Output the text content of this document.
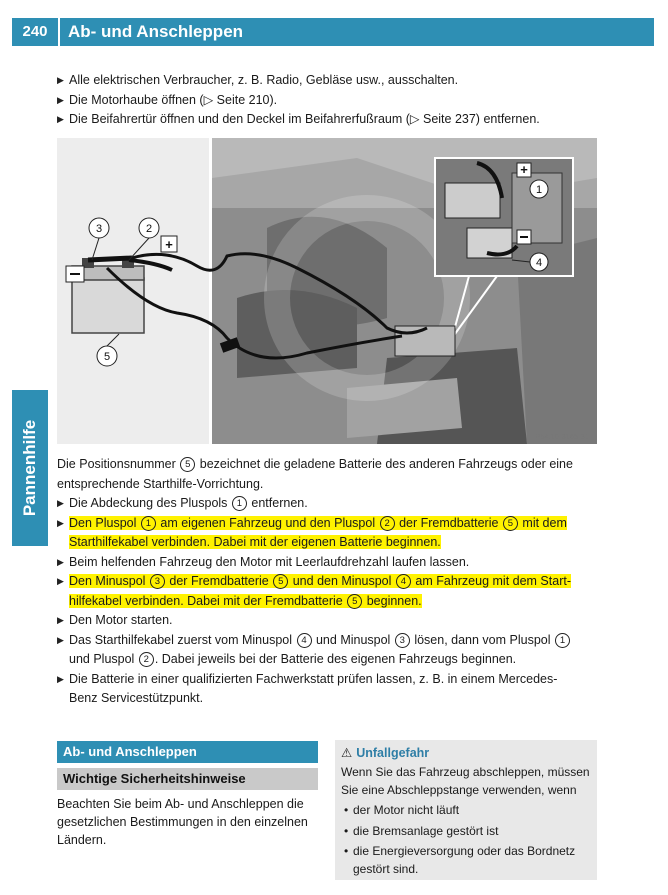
240	Ab- und Anschleppen
Pannenhilfe
▶ Alle elektrischen Verbraucher, z. B. Radio, Gebläse usw., ausschalten.
▶ Die Motorhaube öffnen (▷ Seite 210).
▶ Die Beifahrertür öffnen und den Deckel im Beifahrerfußraum (▷ Seite 237) entfernen.
+
1
4
+
3	2
5
P54.10-3165-31
Die Positionsnummer 5 bezeichnet die geladene Batterie des anderen Fahrzeugs oder eine
entsprechende Starthilfe-Vorrichtung.
▶ Die Abdeckung des Pluspols 1 entfernen.
▶ Den Pluspol 1 am eigenen Fahrzeug und den Pluspol 2 der Fremdbatterie 5 mit dem
Starthilfekabel verbinden. Dabei mit der eigenen Batterie beginnen.
▶ Beim helfenden Fahrzeug den Motor mit Leerlaufdrehzahl laufen lassen.
▶ Den Minuspol 3 der Fremdbatterie 5 und den Minuspol 4 am Fahrzeug mit dem Start-
hilfekabel verbinden. Dabei mit der Fremdbatterie 5 beginnen.
▶ Den Motor starten.
▶ Das Starthilfekabel zuerst vom Minuspol 4 und Minuspol 3 lösen, dann vom Pluspol 1
und Pluspol 2 . Dabei jeweils bei der Batterie des eigenen Fahrzeugs beginnen.
▶ Die Batterie in einer qualifizierten Fachwerkstatt prüfen lassen, z. B. in einem Mercedes-
Benz Servicestützpunkt.
Ab- und Anschleppen
Wichtige Sicherheitshinweise
Beachten Sie beim Ab- und Anschleppen die gesetzlichen Bestimmungen in den einzelnen Ländern.
⚠ Unfallgefahr
Wenn Sie das Fahrzeug abschleppen, müssen Sie eine Abschleppstange verwenden, wenn
• der Motor nicht läuft
• die Bremsanlage gestört ist
• die Energieversorgung oder das Bordnetz gestört sind.
